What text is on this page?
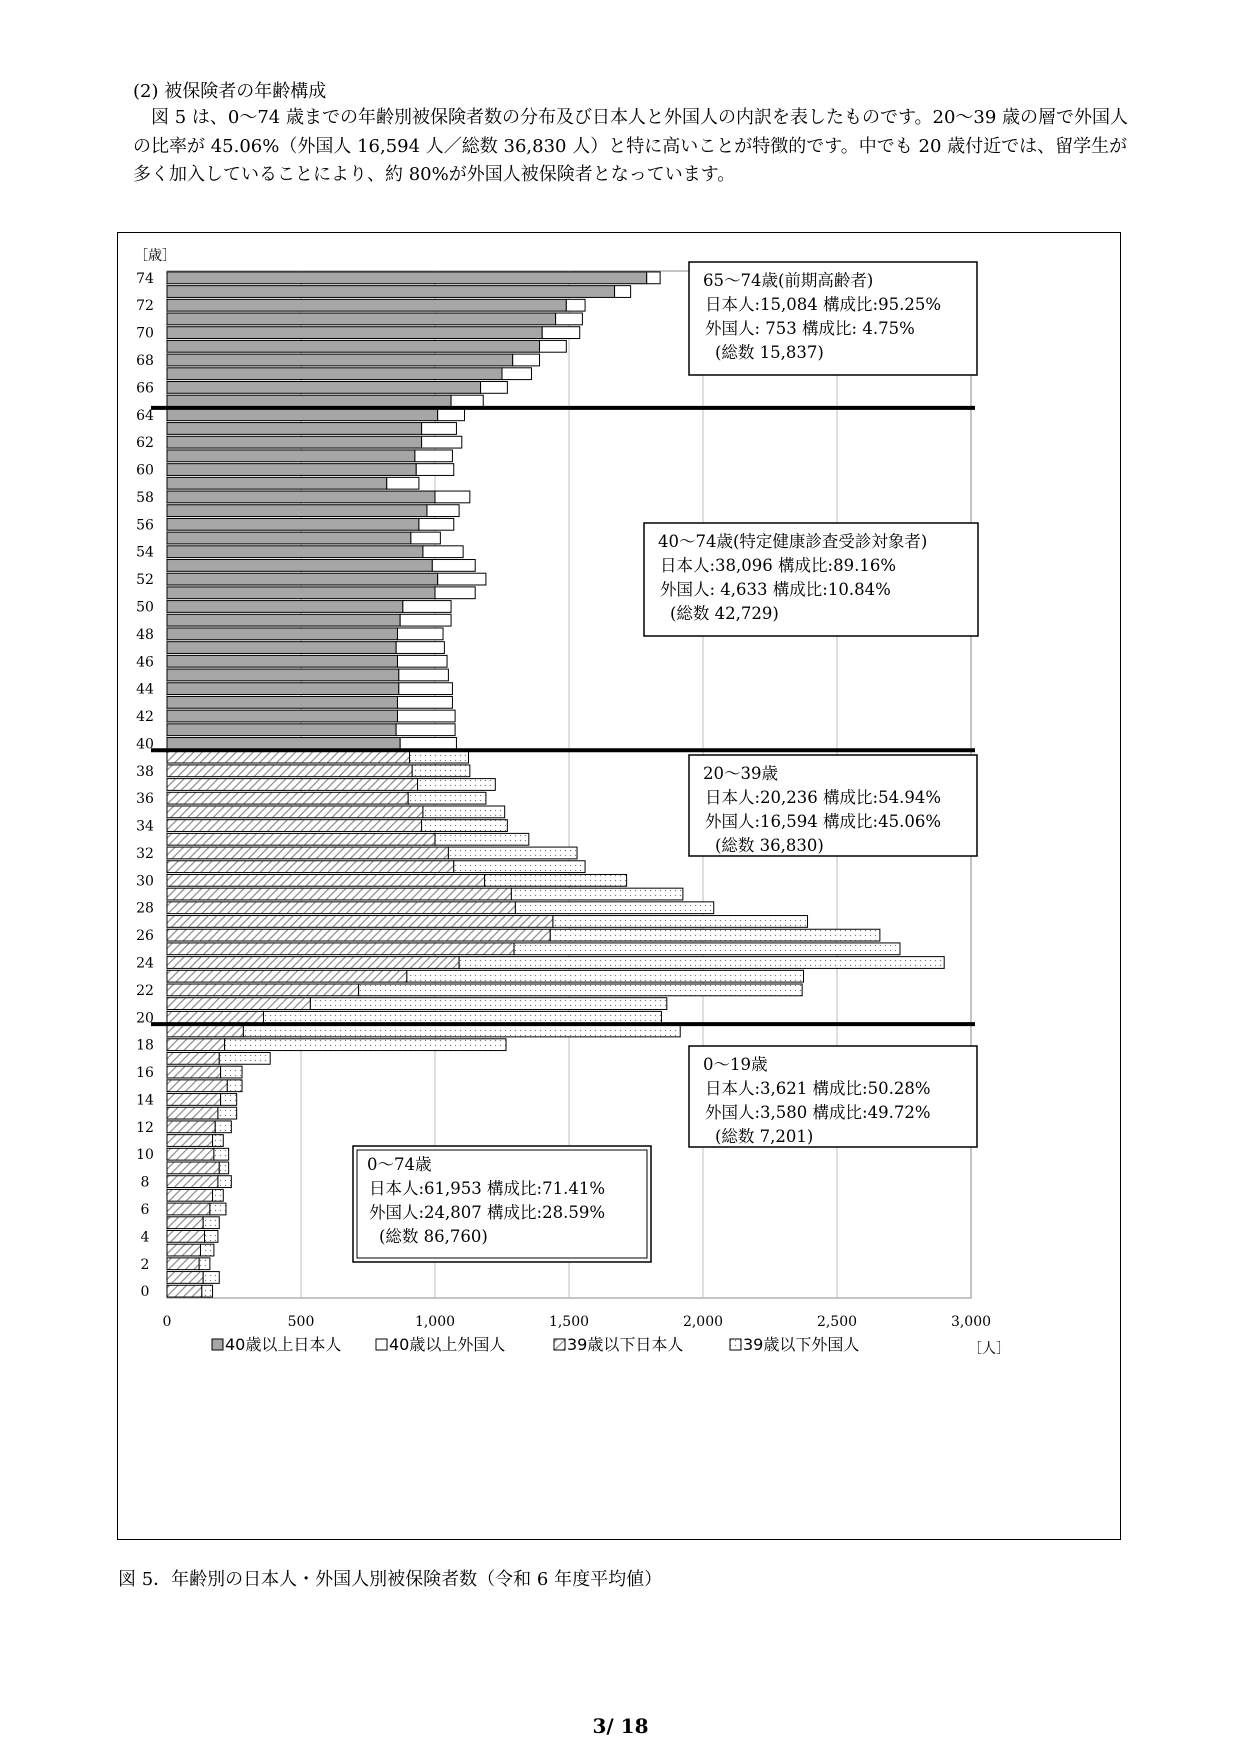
(2) 被保険者の年齢構成

　図 5 は、0～74 歳までの年齢別被保険者数の分布及び日本人と外国人の内訳を表したものです。20～39 歳の層で外国人の比率が 45.06%（外国人 16,594 人／総数 36,830 人）と特に高いことが特徴的です。中でも 20 歳付近では、留学生が多く加入していることにより、約 80%が外国人被保険者となっています。

0	500	1,000	1,500	2,000	2,500	3,000
0
2
4
6
8
10
12
14
16
18
20
22
24
26
28
30
32
34
36
38
40
42
44
46
48
50
52
54
56
58
60
62
64
66
68
70
72
74
［歳］
［人］
65～74歳(前期高齢者)
日本人:15,084 構成比:95.25%
外国人: 753 構成比: 4.75%
(総数 15,837)
40～74歳(特定健康診査受診対象者)
日本人:38,096 構成比:89.16%
外国人: 4,633 構成比:10.84%
(総数 42,729)
20～39歳
日本人:20,236 構成比:54.94%
外国人:16,594 構成比:45.06%
(総数 36,830)
0～19歳
日本人:3,621 構成比:50.28%
外国人:3,580 構成比:49.72%
(総数 7,201)
0～74歳
日本人:61,953 構成比:71.41%
外国人:24,807 構成比:28.59%
(総数 86,760)
40歳以上日本人	40歳以上外国人	39歳以下日本人	39歳以下外国人
図 5．年齢別の日本人・外国人別被保険者数（令和 6 年度平均値）
3/ 18
